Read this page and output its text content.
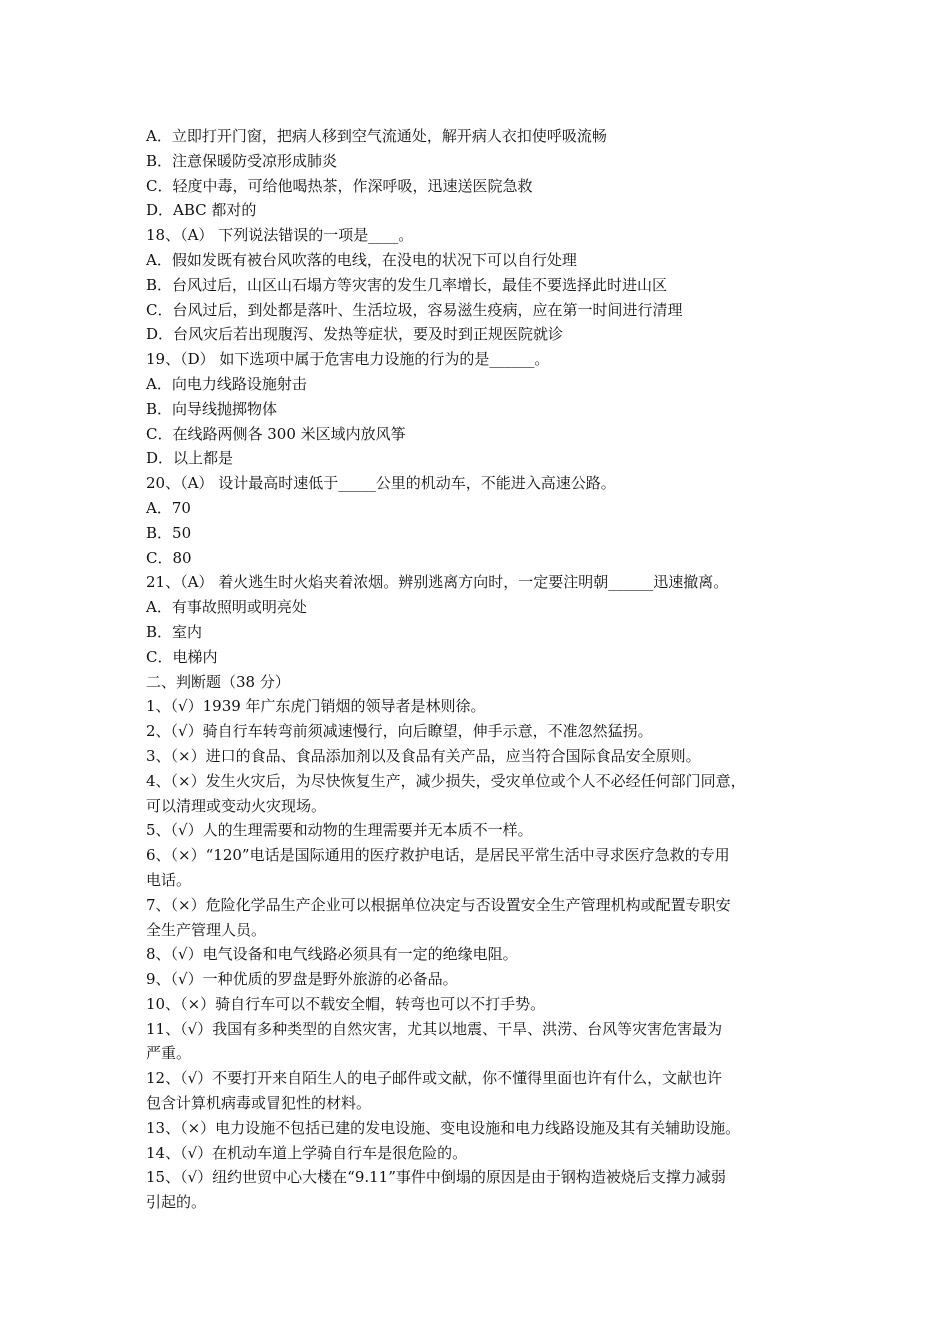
A．立即打开门窗，把病人移到空气流通处，解开病人衣扣使呼吸流畅
B．注意保暖防受凉形成肺炎
C．轻度中毒，可给他喝热茶，作深呼吸，迅速送医院急救
D．ABC 都对的
18、（A） 下列说法错误的一项是____。
A．假如发既有被台风吹落的电线，在没电的状况下可以自行处理
B．台风过后，山区山石塌方等灾害的发生几率增长，最佳不要选择此时进山区
C．台风过后，到处都是落叶、生活垃圾，容易滋生疫病，应在第一时间进行清理
D．台风灾后若出现腹泻、发热等症状，要及时到正规医院就诊
19、（D） 如下选项中属于危害电力设施的行为的是______。
A．向电力线路设施射击
B．向导线抛掷物体
C．在线路两侧各 300 米区域内放风筝
D．以上都是
20、（A） 设计最高时速低于_____公里的机动车，不能进入高速公路。
A．70
B．50
C．80
21、（A） 着火逃生时火焰夹着浓烟。辨别逃离方向时，一定要注明朝______迅速撤离。
A．有事故照明或明亮处
B．室内
C．电梯内
二、判断题（38 分）
1、（√）1939 年广东虎门销烟的领导者是林则徐。
2、（√）骑自行车转弯前须减速慢行，向后瞭望，伸手示意，不准忽然猛拐。
3、（×）进口的食品、食品添加剂以及食品有关产品，应当符合国际食品安全原则。
4、（×）发生火灾后，为尽快恢复生产，减少损失，受灾单位或个人不必经任何部门同意，
可以清理或变动火灾现场。
5、（√）人的生理需要和动物的生理需要并无本质不一样。
6、（×）“120”电话是国际通用的医疗救护电话，是居民平常生活中寻求医疗急救的专用
电话。
7、（×）危险化学品生产企业可以根据单位决定与否设置安全生产管理机构或配置专职安
全生产管理人员。
8、（√）电气设备和电气线路必须具有一定的绝缘电阻。
9、（√）一种优质的罗盘是野外旅游的必备品。
10、（×）骑自行车可以不载安全帽，转弯也可以不打手势。
11、（√）我国有多种类型的自然灾害，尤其以地震、干旱、洪涝、台风等灾害危害最为
严重。
12、（√）不要打开来自陌生人的电子邮件或文献，你不懂得里面也许有什么，文献也许
包含计算机病毒或冒犯性的材料。
13、（×）电力设施不包括已建的发电设施、变电设施和电力线路设施及其有关辅助设施。
14、（√）在机动车道上学骑自行车是很危险的。
15、（√）纽约世贸中心大楼在“9.11”事件中倒塌的原因是由于钢构造被烧后支撑力减弱
引起的。
